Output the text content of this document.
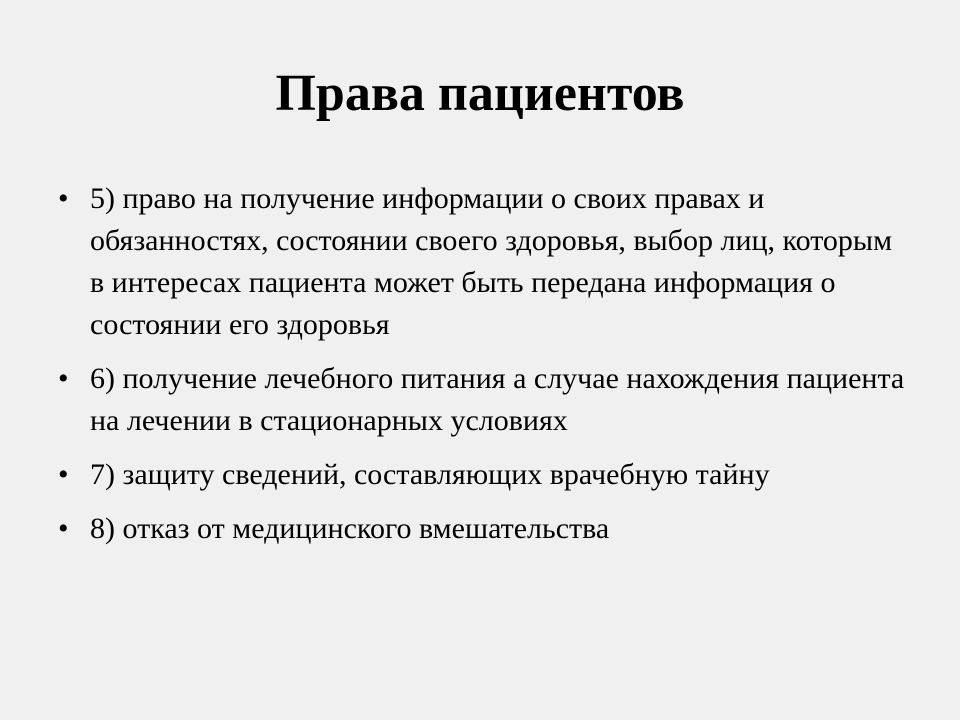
Права пациентов
• 5) право на получение информации о своих правах и обязанностях, состоянии своего здоровья, выбор лиц, которым в интересах пациента может быть передана информация о состоянии его здоровья
• 6) получение лечебного питания а случае нахождения пациента на лечении в стационарных условиях
• 7) защиту сведений, составляющих врачебную тайну
• 8) отказ от медицинского вмешательства
